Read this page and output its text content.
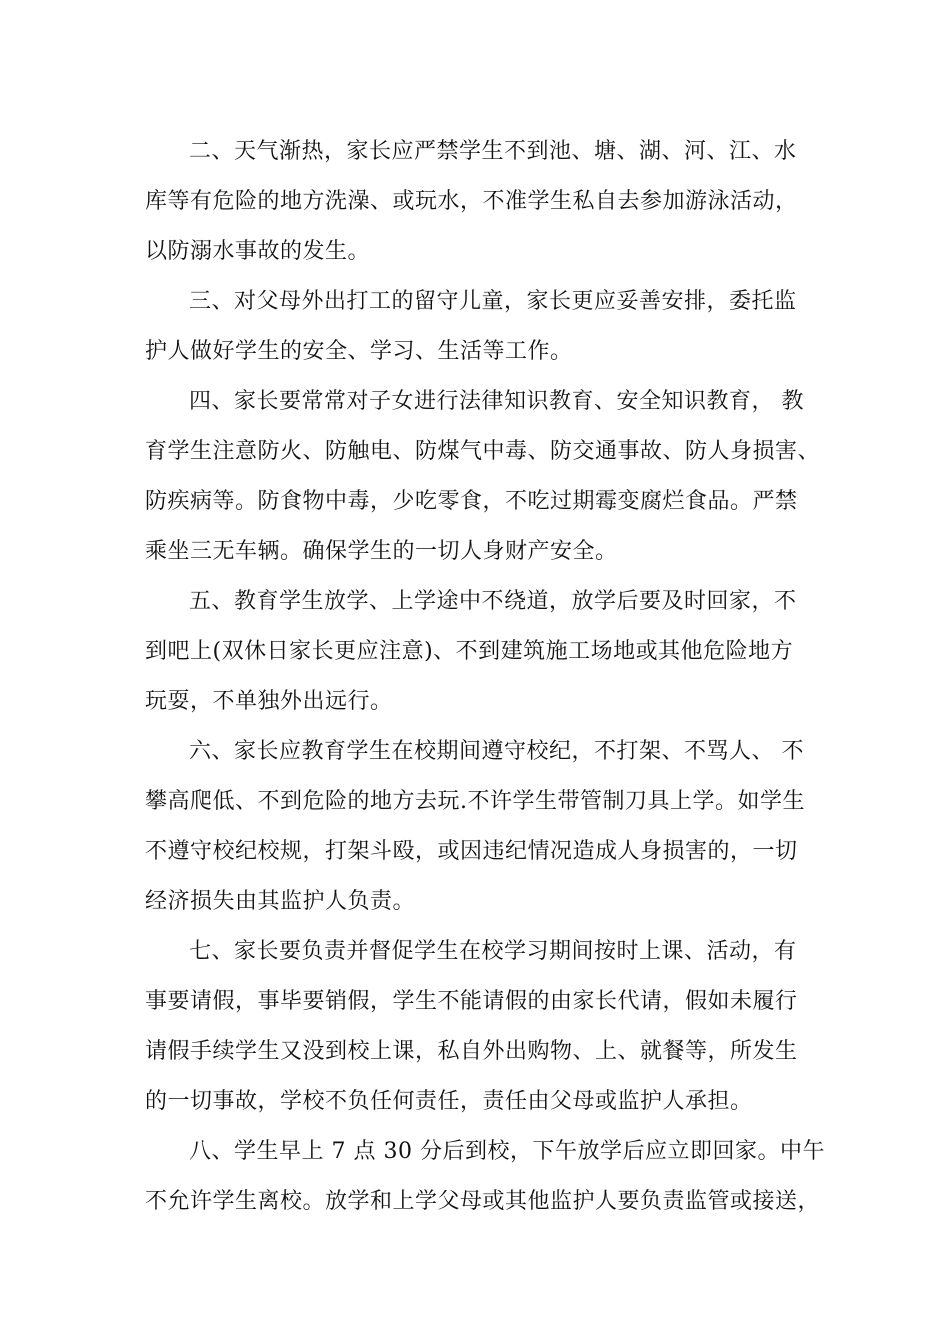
二、天气渐热，家长应严禁学生不到池、塘、湖、河、江、水
库等有危险的地方洗澡、或玩水，不准学生私自去参加游泳活动，
以防溺水事故的发生。

三、对父母外出打工的留守儿童，家长更应妥善安排，委托监
护人做好学生的安全、学习、生活等工作。

四、家长要常常对子女进行法律知识教育、安全知识教育， 教
育学生注意防火、防触电、防煤气中毒、防交通事故、防人身损害、
防疾病等。防食物中毒，少吃零食，不吃过期霉变腐烂食品。严禁
乘坐三无车辆。确保学生的一切人身财产安全。

五、教育学生放学、上学途中不绕道，放学后要及时回家，不
到吧上(双休日家长更应注意)、不到建筑施工场地或其他危险地方
玩耍，不单独外出远行。

六、家长应教育学生在校期间遵守校纪，不打架、不骂人、 不
攀高爬低、不到危险的地方去玩.不许学生带管制刀具上学。如学生
不遵守校纪校规，打架斗殴，或因违纪情况造成人身损害的，一切
经济损失由其监护人负责。

七、家长要负责并督促学生在校学习期间按时上课、活动，有
事要请假，事毕要销假，学生不能请假的由家长代请，假如未履行
请假手续学生又没到校上课，私自外出购物、上、就餐等，所发生
的一切事故，学校不负任何责任，责任由父母或监护人承担。

八、学生早上 7 点 30 分后到校，下午放学后应立即回家。中午
不允许学生离校。放学和上学父母或其他监护人要负责监管或接送，
